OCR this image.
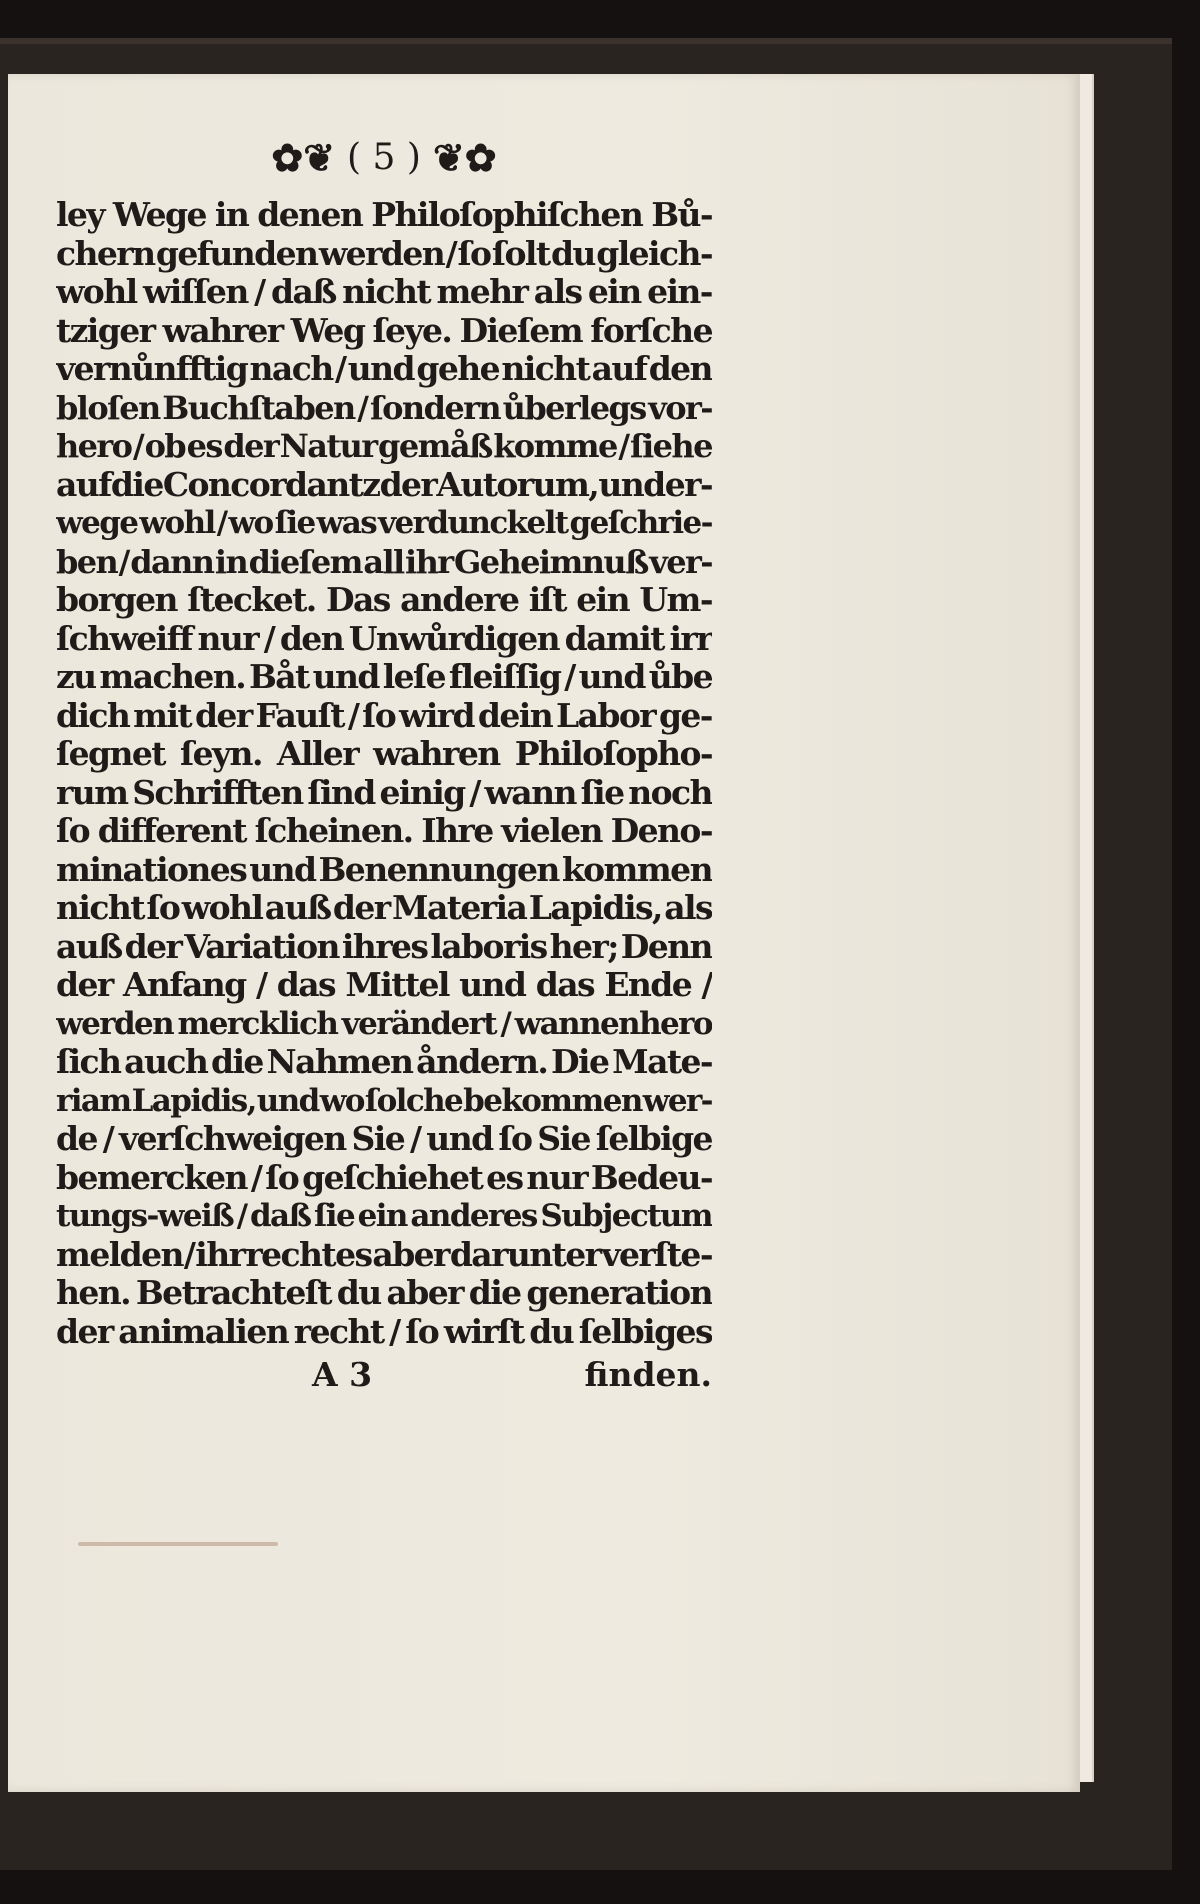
✿❦ ( 5 ) ❦✿
ley Wege in denen Philoſophiſchen Bů-
chern gefunden werden / ſo ſolt du gleich-
wohl wiſſen / daß nicht mehr als ein ein-
tziger wahrer Weg ſeye. Dieſem forſche
vernůnfftig nach / und gehe nicht auf den
bloſen Buchſtaben / ſondern ůberlegs vor-
hero / ob es der Natur gemåß komme / ſiehe
auf die Concordantz der Autorum, und er-
wege wohl / wo ſie was verdunckelt geſchrie-
ben / dann in dieſem all ihr Geheimnuß ver-
borgen ſtecket. Das andere iſt ein Um-
ſchweiff nur / den Unwůrdigen damit irr
zu machen. Båt und leſe fleiſſig / und ůbe
dich mit der Fauſt / ſo wird dein Labor ge-
ſegnet ſeyn. Aller wahren Philoſopho-
rum Schrifften ſind einig / wann ſie noch
ſo different ſcheinen. Ihre vielen Deno-
minationes und Benennungen kommen
nicht ſo wohl auß der Materia Lapidis, als
auß der Variation ihres laboris her; Denn
der Anfang / das Mittel und das Ende /
werden mercklich verändert / wannenhero
ſich auch die Nahmen åndern. Die Mate-
riam Lapidis, und wo ſolche bekommen wer-
de / verſchweigen Sie / und ſo Sie ſelbige
bemercken / ſo geſchiehet es nur Bedeu-
tungs-weiß / daß ſie ein anderes Subjectum
melden / ihr rechtes aber darunter verſte-
hen. Betrachteſt du aber die generation
der animalien recht / ſo wirſt du ſelbiges
A 3	finden.
